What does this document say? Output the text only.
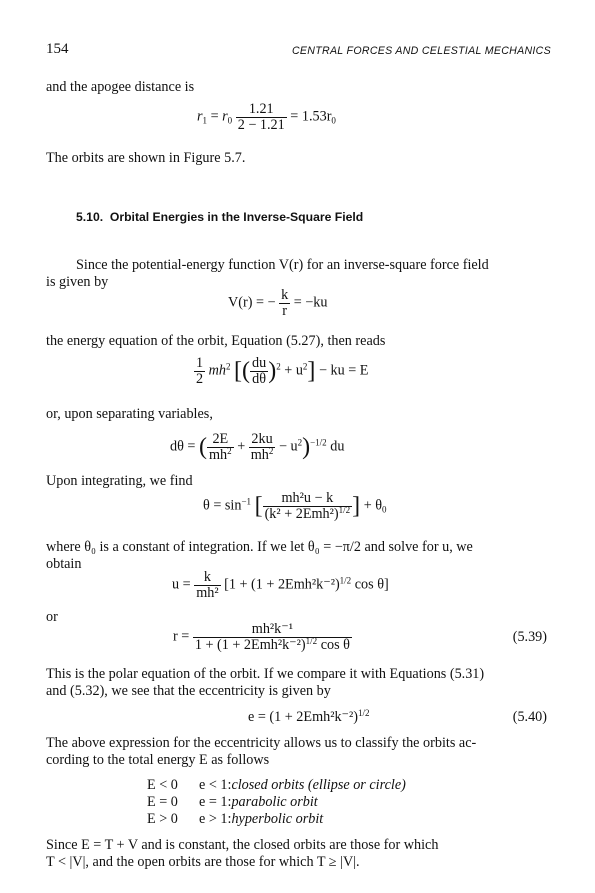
154	CENTRAL FORCES AND CELESTIAL MECHANICS
and the apogee distance is
$r_1 = r_0 \frac{1.21}{2 - 1.21} = 1.53r_0$
The orbits are shown in Figure 5.7.
5.10. Orbital Energies in the Inverse-Square Field
Since the potential-energy function V(r) for an inverse-square force field
is given by
V(r) = − $\frac{k}{r} = -ku$
the energy equation of the orbit, Equation (5.27), then reads
$\frac{1}{2} mh^2$ [( $\frac{du}{d\theta} )^2 + u^2$] − ku = E
or, upon separating variables,
dθ = ( $\frac{2E}{mh^2} + \frac{2ku}{mh^2} - u^2)^{-1/2}$ du
Upon integrating, we find
$\theta = \sin^{-1}$ [ $\frac{\text{mh²u − k}}{(k^2 + 2Emh^2)^{1/2}}$ ] + $\theta_0$
where θ₀ is a constant of integration. If we let θ₀ = −π/2 and solve for u, we
obtain
$u = \frac{k}{\text{mh²}} [1 + (1 + 2Emh^2k^{-2})^{1/2}$ cos θ]
or
$r = \frac{\text{mh²k⁻¹}}{1 + (1 + 2Emh^2k^{-2})^{1/2} \cos \theta}$	(5.39)
This is the polar equation of the orbit. If we compare it with Equations (5.31)
and (5.32), we see that the eccentricity is given by
$e = (1 + 2Emh^2k^{-2})^{1/2}$	(5.40)
The above expression for the eccentricity allows us to classify the orbits ac-
cording to the total energy E as follows
E < 0 e < 1:closed orbits (ellipse or circle)
E = 0 e = 1:parabolic orbit
E > 0 e > 1:hyperbolic orbit
Since E = T + V and is constant, the closed orbits are those for which
T < |V|, and the open orbits are those for which T ≥ |V|.
